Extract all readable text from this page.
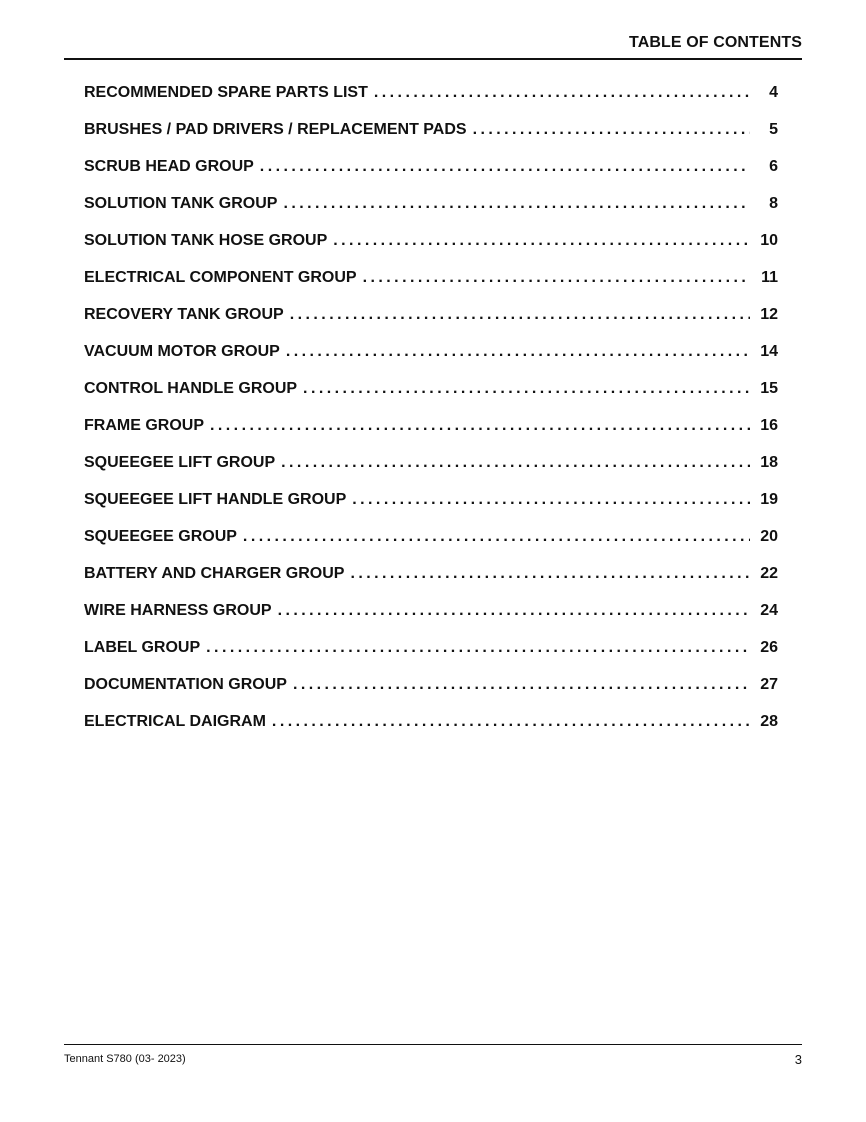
TABLE OF CONTENTS
RECOMMENDED SPARE PARTS LIST . . .	4
BRUSHES / PAD DRIVERS / REPLACEMENT PADS . . .	5
SCRUB HEAD GROUP . . .	6
SOLUTION TANK GROUP . . .	8
SOLUTION TANK HOSE GROUP . . .	10
ELECTRICAL COMPONENT GROUP . . .	11
RECOVERY TANK GROUP . . .	12
VACUUM MOTOR GROUP . . .	14
CONTROL HANDLE GROUP . . .	15
FRAME GROUP . . .	16
SQUEEGEE LIFT GROUP . . .	18
SQUEEGEE LIFT HANDLE GROUP . . .	19
SQUEEGEE GROUP . . .	20
BATTERY AND CHARGER GROUP . . .	22
WIRE HARNESS GROUP . . .	24
LABEL GROUP . . .	26
DOCUMENTATION GROUP . . .	27
ELECTRICAL DAIGRAM . . .	28
Tennant S780 (03- 2023)	3
